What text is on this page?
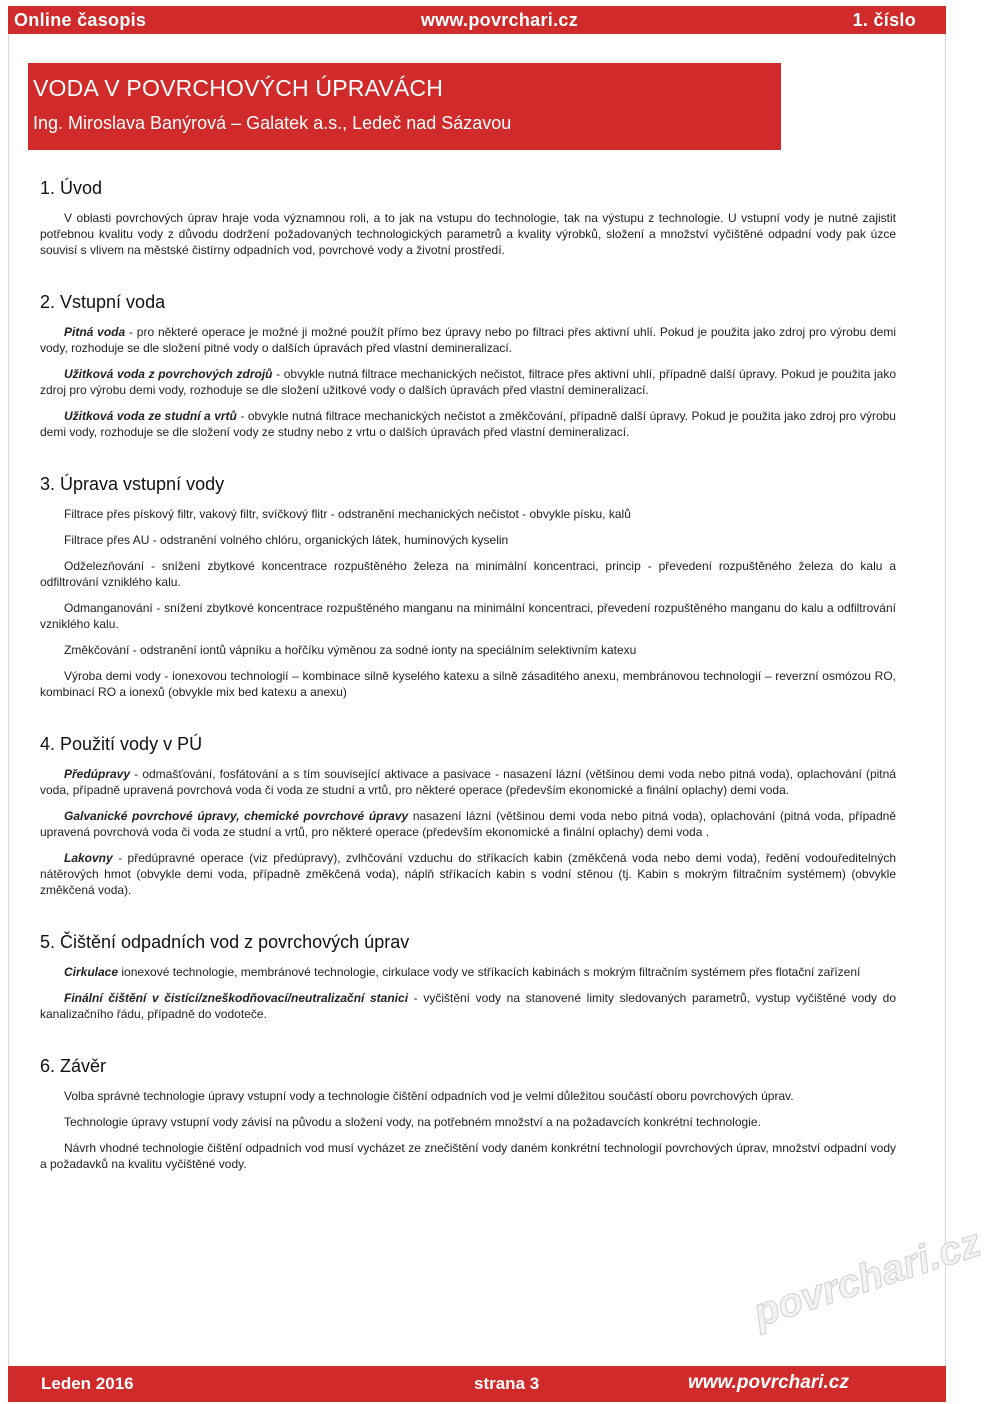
Online časopis	www.povrchari.cz	1. číslo
VODA V POVRCHOVÝCH ÚPRAVÁCH
Ing. Miroslava Banýrová – Galatek a.s., Ledeč nad Sázavou
1. Úvod

V oblasti povrchových úprav hraje voda významnou roli, a to jak na vstupu do technologie, tak na výstupu z technologie. U vstupní vody je nutné zajistit potřebnou kvalitu vody z důvodu dodržení požadovaných technologických parametrů a kvality výrobků, složení a množství vyčištěné odpadní vody pak úzce souvisí s vlivem na městské čistírny odpadních vod, povrchové vody a životní prostředí.

2. Vstupní voda

Pitná voda - pro některé operace je možné ji možné použít přímo bez úpravy nebo po filtraci přes aktivní uhlí. Pokud je použita jako zdroj pro výrobu demi vody, rozhoduje se dle složení pitné vody o dalších úpravách před vlastní demineralizací.

Užitková voda z povrchových zdrojů - obvykle nutná filtrace mechanických nečistot, filtrace přes aktivní uhlí, případně další úpravy. Pokud je použita jako zdroj pro výrobu demi vody, rozhoduje se dle složení užitkové vody o dalších úpravách před vlastní demineralizací.

Užitková voda ze studní a vrtů - obvykle nutná filtrace mechanických nečistot a změkčování, případně další úpravy. Pokud je použita jako zdroj pro výrobu demi vody, rozhoduje se dle složení vody ze studny nebo z vrtu o dalších úpravách před vlastní demineralizací.

3. Úprava vstupní vody

Filtrace přes pískový filtr, vakový filtr, svíčkový flitr - odstranění mechanických nečistot - obvykle písku, kalů

Filtrace přes AU - odstranění volného chlóru, organických látek, huminových kyselin

Odželezňování - snížení zbytkové koncentrace rozpuštěného železa na minimální koncentraci, princip - převedení rozpuštěného železa do kalu a odfiltrování vzniklého kalu.

Odmanganování - snížení zbytkové koncentrace rozpuštěného manganu na minimální koncentraci, převedení rozpuštěného manganu do kalu a odfiltrování vzniklého kalu.

Změkčování - odstranění iontů vápníku a hořčíku výměnou za sodné ionty na speciálním selektivním katexu

Výroba demi vody - ionexovou technologií – kombinace silně kyselého katexu a silně zásaditého anexu, membránovou technologií – reverzní osmózou RO, kombinací RO a ionexů (obvykle mix bed katexu a anexu)

4. Použití vody v PÚ

Předúpravy - odmašťování, fosfátování a s tím související aktivace a pasivace - nasazení lázní (většinou demi voda nebo pitná voda), oplachování (pitná voda, případně upravená povrchová voda či voda ze studní a vrtů, pro některé operace (především ekonomické a finální oplachy) demi voda.

Galvanické povrchové úpravy, chemické povrchové úpravy nasazení lázní (většinou demi voda nebo pitná voda), oplachování (pitná voda, případně upravená povrchová voda či voda ze studní a vrtů, pro některé operace (především ekonomické a finální oplachy) demi voda .

Lakovny - předúpravné operace (viz předúpravy), zvlhčování vzduchu do stříkacích kabin (změkčená voda nebo demi voda), ředění vodouředitelných nátěrových hmot (obvykle demi voda, případně změkčená voda), náplň stříkacích kabin s vodní stěnou (tj. Kabin s mokrým filtračním systémem) (obvykle změkčená voda).

5. Čištění odpadních vod z povrchových úprav

Cirkulace ionexové technologie, membránové technologie, cirkulace vody ve stříkacích kabinách s mokrým filtračním systémem přes flotační zařízení

Finální čištění v čistící/zneškodňovací/neutralizační stanici - vyčištění vody na stanovené limity sledovaných parametrů, vystup vyčištěné vody do kanalizačního řádu, případně do vodoteče.

6. Závěr

Volba správné technologie úpravy vstupní vody a technologie čištění odpadních vod je velmi důležitou součástí oboru povrchových úprav.

Technologie úpravy vstupní vody závisí na původu a složení vody, na potřebném množství a na požadavcích konkrétní technologie.

Návrh vhodné technologie čištění odpadních vod musí vycházet ze znečištění vody daném konkrétní technologií povrchových úprav, množství odpadní vody a požadavků na kvalitu vyčištěné vody.

povrchari.cz
Leden 2016	strana 3	www.povrchari.cz
